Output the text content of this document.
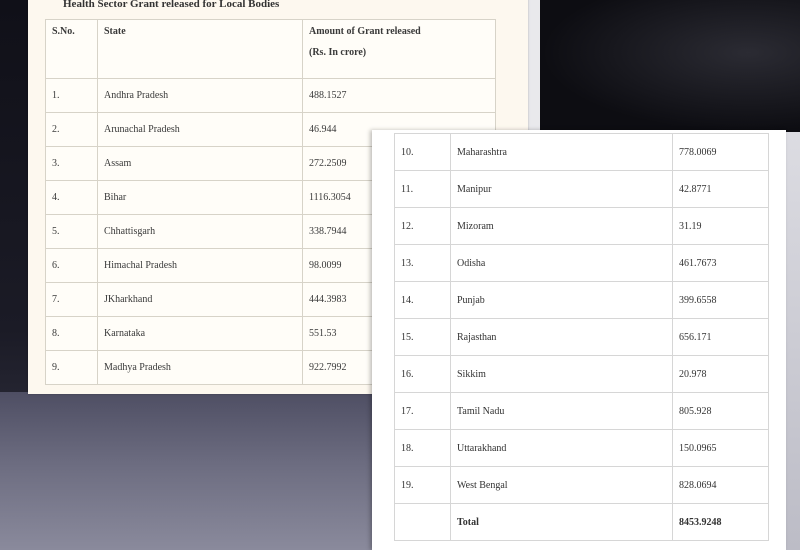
Health Sector Grant released for Local Bodies
S.No.	State	Amount of Grant released
(Rs. In crore)

1.	Andhra Pradesh	488.1527
2.	Arunachal Pradesh	46.944
3.	Assam	272.2509
4.	Bihar	1116.3054
5.	Chhattisgarh	338.7944
6.	Himachal Pradesh	98.0099
7.	JKharkhand	444.3983
8.	Karnataka	551.53
9.	Madhya Pradesh	922.7992
10.	Maharashtra	778.0069
11.	Manipur	42.8771
12.	Mizoram	31.19
13.	Odisha	461.7673
14.	Punjab	399.6558
15.	Rajasthan	656.171
16.	Sikkim	20.978
17.	Tamil Nadu	805.928
18.	Uttarakhand	150.0965
19.	West Bengal	828.0694
	Total	8453.9248
